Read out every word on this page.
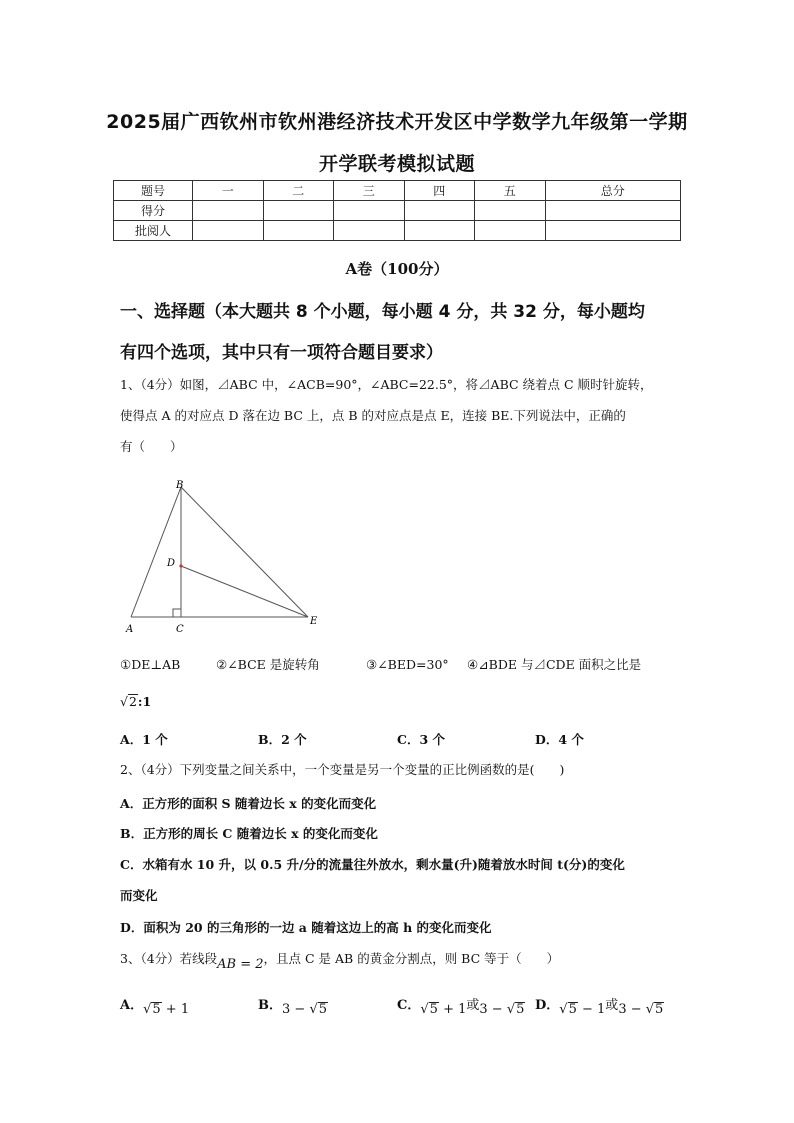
2025届广西钦州市钦州港经济技术开发区中学数学九年级第一学期
开学联考模拟试题
题号	一	二	三	四	五	总分
得分						
批阅人						
A卷（100分）
一、选择题（本大题共 8 个小题，每小题 4 分，共 32 分，每小题均
有四个选项，其中只有一项符合题目要求）
1、（4分）如图，⊿ABC 中，∠ACB=90°，∠ABC=22.5°，将⊿ABC 绕着点 C 顺时针旋转，
使得点 A 的对应点 D 落在边 BC 上，点 B 的对应点是点 E，连接 BE.下列说法中，正确的
有（　　）
B
D
A	C
E
①DE⊥AB	②∠BCE 是旋转角	③∠BED=30° ④⊿BDE 与⊿CDE 面积之比是
√2:1
A．1 个	B．2 个	C．3 个	D．4 个
2、（4分）下列变量之间关系中，一个变量是另一个变量的正比例函数的是(　　)
A．正方形的面积 S 随着边长 x 的变化而变化
B．正方形的周长 C 随着边长 x 的变化而变化
C．水箱有水 10 升，以 0.5 升/分的流量往外放水，剩水量(升)随着放水时间 t(分)的变化
而变化
D．面积为 20 的三角形的一边 a 随着这边上的高 h 的变化而变化
3、（4分）若线段AB = 2，且点 C 是 AB 的黄金分割点，则 BC 等于（　　）
A．√5 + 1	B．3 − √5	C．√5 + 1或3 − √5 D．√5 − 1或3 − √5
